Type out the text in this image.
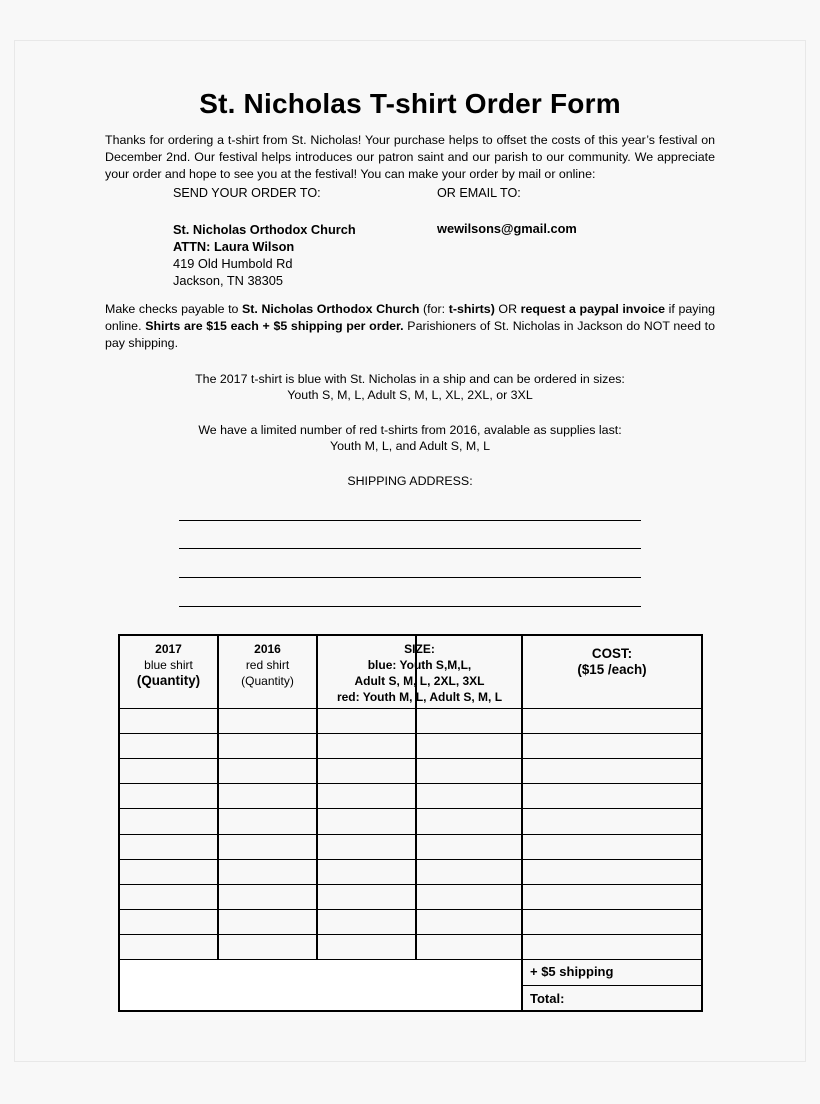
St. Nicholas T-shirt Order Form
Thanks for ordering a t-shirt from St. Nicholas! Your purchase helps to offset the costs of this year’s festival on December 2nd. Our festival helps introduces our patron saint and our parish to our community. We appreciate your order and hope to see you at the festival! You can make your order by mail or online:
SEND YOUR ORDER TO:	OR EMAIL TO:
St. Nicholas Orthodox Church
ATTN: Laura Wilson
419 Old Humbold Rd
Jackson, TN 38305
wewilsons@gmail.com
Make checks payable to St. Nicholas Orthodox Church (for: t-shirts) OR request a paypal invoice if paying online. Shirts are $15 each + $5 shipping per order. Parishioners of St. Nicholas in Jackson do NOT need to pay shipping.
The 2017 t-shirt is blue with St. Nicholas in a ship and can be ordered in sizes:
Youth S, M, L, Adult S, M, L, XL, 2XL, or 3XL
We have a limited number of red t-shirts from 2016, avalable as supplies last:
Youth M, L, and Adult S, M, L
SHIPPING ADDRESS:
2017
blue shirt
(Quantity)
2016
red shirt
(Quantity)
SIZE:
blue: Youth S,M,L,
Adult S, M, L, 2XL, 3XL
red: Youth M, L, Adult S, M, L
COST:
($15 /each)
+ $5 shipping
Total:
